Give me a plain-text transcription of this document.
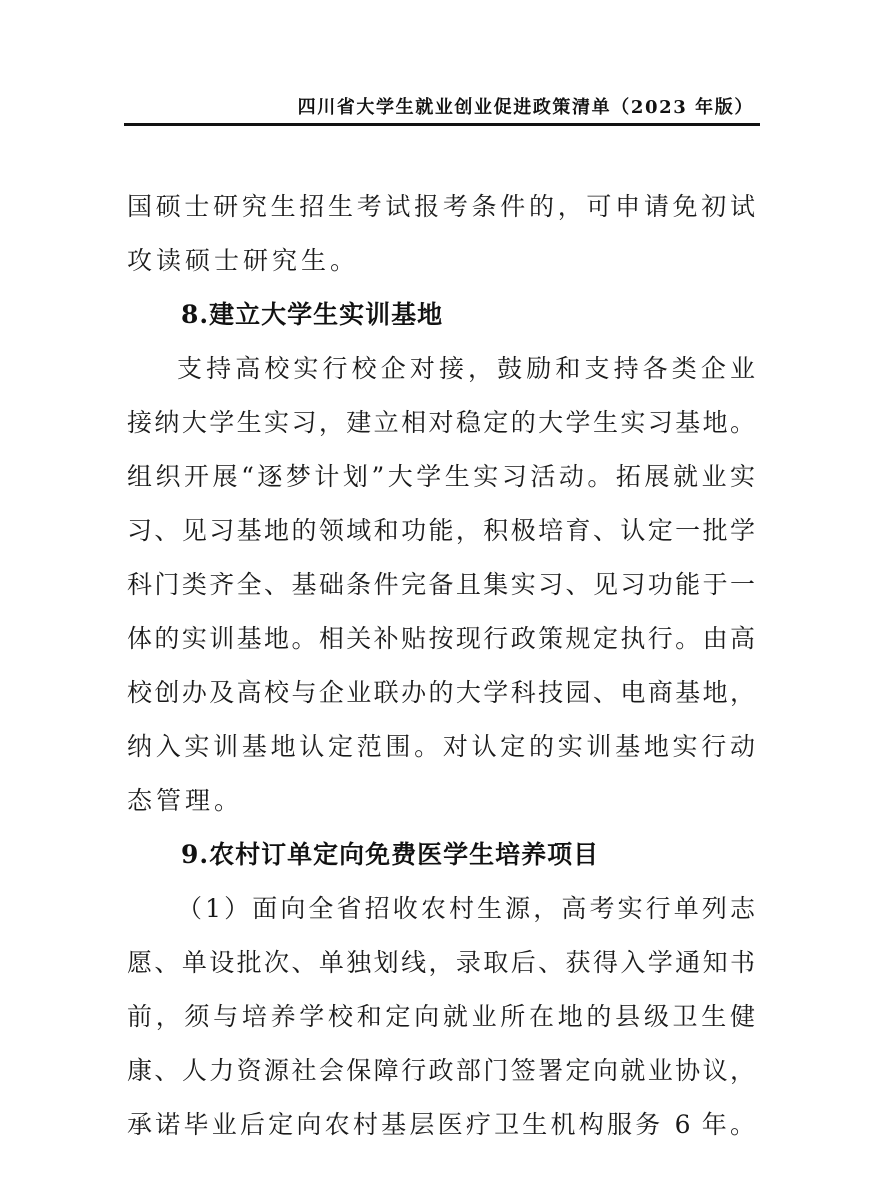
四川省大学生就业创业促进政策清单（2023 年版）
国硕士研究生招生考试报考条件的，可申请免初试
攻读硕士研究生。
8.建立大学生实训基地
支持高校实行校企对接，鼓励和支持各类企业
接纳大学生实习，建立相对稳定的大学生实习基地。
组织开展“逐梦计划”大学生实习活动。拓展就业实
习、见习基地的领域和功能，积极培育、认定一批学
科门类齐全、基础条件完备且集实习、见习功能于一
体的实训基地。相关补贴按现行政策规定执行。由高
校创办及高校与企业联办的大学科技园、电商基地，
纳入实训基地认定范围。对认定的实训基地实行动
态管理。
9.农村订单定向免费医学生培养项目
（1）面向全省招收农村生源，高考实行单列志
愿、单设批次、单独划线，录取后、获得入学通知书
前，须与培养学校和定向就业所在地的县级卫生健
康、人力资源社会保障行政部门签署定向就业协议，
承诺毕业后定向农村基层医疗卫生机构服务 6 年。
